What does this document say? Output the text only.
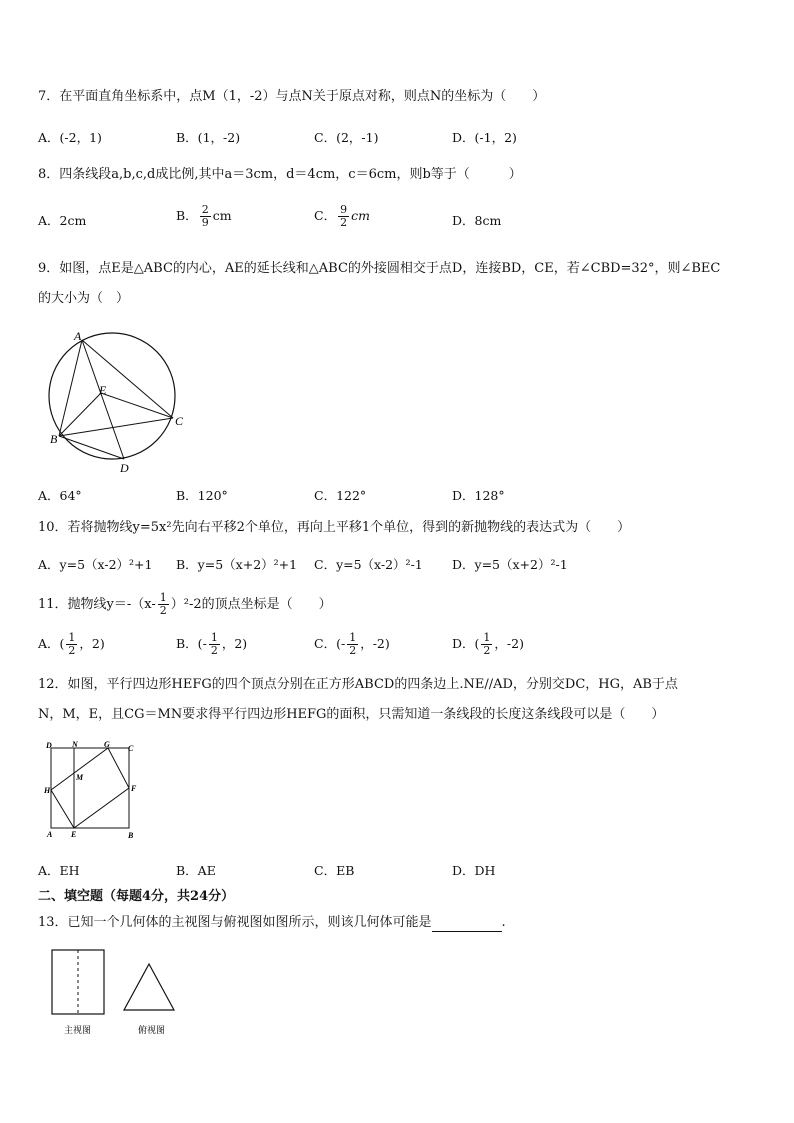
7．在平面直角坐标系中，点M（1，-2）与点N关于原点对称，则点N的坐标为（　　）
A．(-2，1)	B．(1，-2)	C．(2，-1)	D．(-1，2)
8．四条线段a,b,c,d成比例,其中a＝3cm，d＝4cm，c＝6cm，则b等于（　　　）
A．2cm	B． $\frac{2}{9}$ cm	C． $\frac{9}{2}$ cm	D．8cm
9．如图，点E是△ABC的内心，AE的延长线和△ABC的外接圆相交于点D，连接BD，CE，若∠CBD=32°，则∠BEC
的大小为（　）
A
E
B
C
D
A．64°	B．120°	C．122°	D．128°
10．若将抛物线y=5x²先向右平移2个单位，再向上平移1个单位，得到的新抛物线的表达式为（　　）
A．y=5（x-2）²+1 B．y=5（x+2）²+1 C．y=5（x-2）²-1 D．y=5（x+2）²-1
11．抛物线$y=-(x- \frac{1}{2} )^2-2$的顶点坐标是（　　）
A．( $\frac{1}{2}$ ，2)	B．(- $\frac{1}{2}$ ，2)	C．(- $\frac{1}{2}$ ，-2)	D．( $\frac{1}{2}$ ，-2)
12．如图，平行四边形HEFG的四个顶点分别在正方形ABCD的四条边上.NE//AD，分别交DC，HG，AB于点
N，M，E，且CG＝MN要求得平行四边形HEFG的面积，只需知道一条线段的长度这条线段可以是（　　）
D	N	G C
M
H	F
A E	B
A．EH	B．AE	C．EB	D．DH
二、填空题（每题4分，共24分）
13．已知一个几何体的主视图与俯视图如图所示，则该几何体可能是	.
主视图	俯视图
